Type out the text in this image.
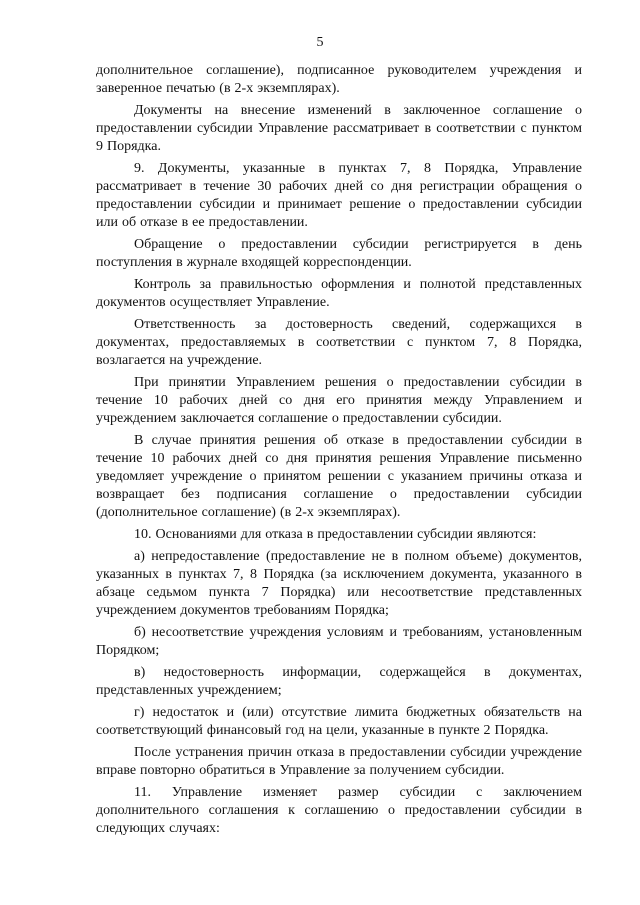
5

дополнительное соглашение), подписанное руководителем учреждения и заверенное печатью (в 2-х экземплярах).

Документы на внесение изменений в заключенное соглашение о предоставлении субсидии Управление рассматривает в соответствии с пунктом 9 Порядка.

9. Документы, указанные в пунктах 7, 8 Порядка, Управление рассматривает в течение 30 рабочих дней со дня регистрации обращения о предоставлении субсидии и принимает решение о предоставлении субсидии или об отказе в ее предоставлении.

Обращение о предоставлении субсидии регистрируется в день поступления в журнале входящей корреспонденции.

Контроль за правильностью оформления и полнотой представленных документов осуществляет Управление.

Ответственность за достоверность сведений, содержащихся в документах, предоставляемых в соответствии с пунктом 7, 8 Порядка, возлагается на учреждение.

При принятии Управлением решения о предоставлении субсидии в течение 10 рабочих дней со дня его принятия между Управлением и учреждением заключается соглашение о предоставлении субсидии.

В случае принятия решения об отказе в предоставлении субсидии в течение 10 рабочих дней со дня принятия решения Управление письменно уведомляет учреждение о принятом решении с указанием причины отказа и возвращает без подписания соглашение о предоставлении субсидии (дополнительное соглашение) (в 2-х экземплярах).

10. Основаниями для отказа в предоставлении субсидии являются:

а) непредоставление (предоставление не в полном объеме) документов, указанных в пунктах 7, 8 Порядка (за исключением документа, указанного в абзаце седьмом пункта 7 Порядка) или несоответствие представленных учреждением документов требованиям Порядка;

б) несоответствие учреждения условиям и требованиям, установленным Порядком;

в) недостоверность информации, содержащейся в документах, представленных учреждением;

г) недостаток и (или) отсутствие лимита бюджетных обязательств на соответствующий финансовый год на цели, указанные в пункте 2 Порядка.

После устранения причин отказа в предоставлении субсидии учреждение вправе повторно обратиться в Управление за получением субсидии.

11. Управление изменяет размер субсидии с заключением дополнительного соглашения к соглашению о предоставлении субсидии в следующих случаях:
